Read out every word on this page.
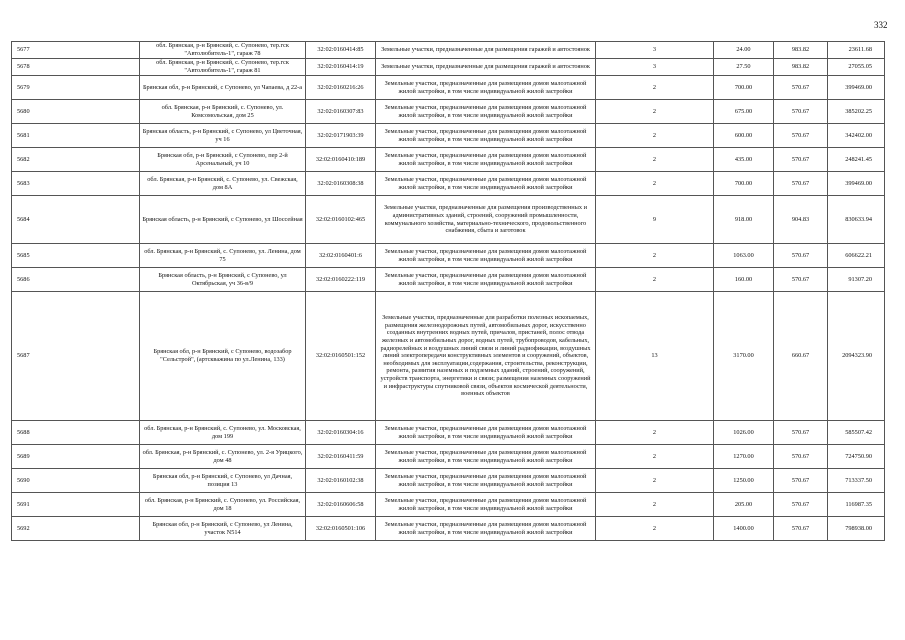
332
5677	обл. Брянская, р-н Брянский, с. Супонево, тер.гск "Автолюбитель-1", гараж 78	32:02:0160414:85	Земельные участки, предназначенные для размещения гаражей и автостоянок	3	24.00	983.82	23611.68
5678	обл. Брянская, р-н Брянский, с. Супонево, тер.гск "Автолюбитель-1", гараж 81	32:02:0160414:19	Земельные участки, предназначенные для размещения гаражей и автостоянок	3	27.50	983.82	27055.05
5679	Брянская обл, р-н Брянский, с Супонево, ул Чапаева, д 22-а	32:02:0160216:26	Земельные участки, предназначенные для размещения домов малоэтажной жилой застройки, в том числе индивидуальной жилой застройки	2	700.00	570.67	399469.00
5680	обл. Брянская, р-н Брянский, с. Супонево, ул. Комсомольская, дом 25	32:02:0160307:83	Земельные участки, предназначенные для размещения домов малоэтажной жилой застройки, в том числе индивидуальной жилой застройки	2	675.00	570.67	385202.25
5681	Брянская область, р-н Брянский, с Супонево, ул Цветочная, уч 16	32:02:0171903:39	Земельные участки, предназначенные для размещения домов малоэтажной жилой застройки, в том числе индивидуальной жилой застройки	2	600.00	570.67	342402.00
5682	Брянская обл, р-н Брянский, с Супонево, пер 2-й Арсенальный, уч 10	32:02:0160410:189	Земельные участки, предназначенные для размещения домов малоэтажной жилой застройки, в том числе индивидуальной жилой застройки	2	435.00	570.67	248241.45
5683	обл. Брянская, р-н Брянский, с. Супонево, ул. Свежская, дом 8А	32:02:0160308:38	Земельные участки, предназначенные для размещения домов малоэтажной жилой застройки, в том числе индивидуальной жилой застройки	2	700.00	570.67	399469.00
5684	Брянская область, р-н Брянский, с Супонево, ул Шоссейная	32:02:0160102:465	Земельные участки, предназначенные для размещения производственных и административных зданий, строений, сооружений промышленности, коммунального хозяйства, материально-технического, продовольственного снабжения, сбыта и заготовок	9	918.00	904.83	830633.94
5685	обл. Брянская, р-н Брянский, с. Супонево, ул. Ленина, дом 75	32:02:0160401:6	Земельные участки, предназначенные для размещения домов малоэтажной жилой застройки, в том числе индивидуальной жилой застройки	2	1063.00	570.67	606622.21
5686	Брянская область, р-н Брянский, с Супонево, ул Октябрьская, уч 36-в/9	32:02:0160222:119	Земельные участки, предназначенные для размещения домов малоэтажной жилой застройки, в том числе индивидуальной жилой застройки	2	160.00	570.67	91307.20
5687	Брянская обл, р-н Брянский, с Супонево, водозабор "Сельстрой", (артскважина по ул.Ленина, 133)	32:02:0160501:152	Земельные участки, предназначенные для разработки полезных ископаемых, размещения железнодорожных путей, автомобильных дорог, искусственно созданных внутренних водных путей, причалов, пристаней, полос отвода железных и автомобильных дорог, водных путей, трубопроводов, кабельных, радиорелейных и воздушных линий связи и линий радиофикации, воздушных линий электропередачи конструктивных элементов и сооружений, объектов, необходимых для эксплуатации,содержания, строительства, реконструкции, ремонта, развития наземных и подземных зданий, строений, сооружений, устройств транспорта, энергетики и связи; размещения наземных сооружений и инфраструктуры спутниковой связи, объектов космической деятельности, военных объектов	13	3170.00	660.67	2094323.90
5688	обл. Брянская, р-н Брянский, с. Супонево, ул. Московская, дом 199	32:02:0160304:16	Земельные участки, предназначенные для размещения домов малоэтажной жилой застройки, в том числе индивидуальной жилой застройки	2	1026.00	570.67	585507.42
5689	обл. Брянская, р-н Брянский, с. Супонево, ул. 2-я Урицкого, дом 48	32:02:0160411:59	Земельные участки, предназначенные для размещения домов малоэтажной жилой застройки, в том числе индивидуальной жилой застройки	2	1270.00	570.67	724750.90
5690	Брянская обл, р-н Брянский, с Супонево, ул Дачная, позиция 13	32:02:0160102:38	Земельные участки, предназначенные для размещения домов малоэтажной жилой застройки, в том числе индивидуальной жилой застройки	2	1250.00	570.67	713337.50
5691	обл. Брянская, р-н Брянский, с. Супонево, ул. Российская, дом 18	32:02:0160606:58	Земельные участки, предназначенные для размещения домов малоэтажной жилой застройки, в том числе индивидуальной жилой застройки	2	205.00	570.67	116987.35
5692	Брянская обл, р-н Брянский, с Супонево, ул Ленина, участок N514	32:02:0160501:106	Земельные участки, предназначенные для размещения домов малоэтажной жилой застройки, в том числе индивидуальной жилой застройки	2	1400.00	570.67	798938.00
